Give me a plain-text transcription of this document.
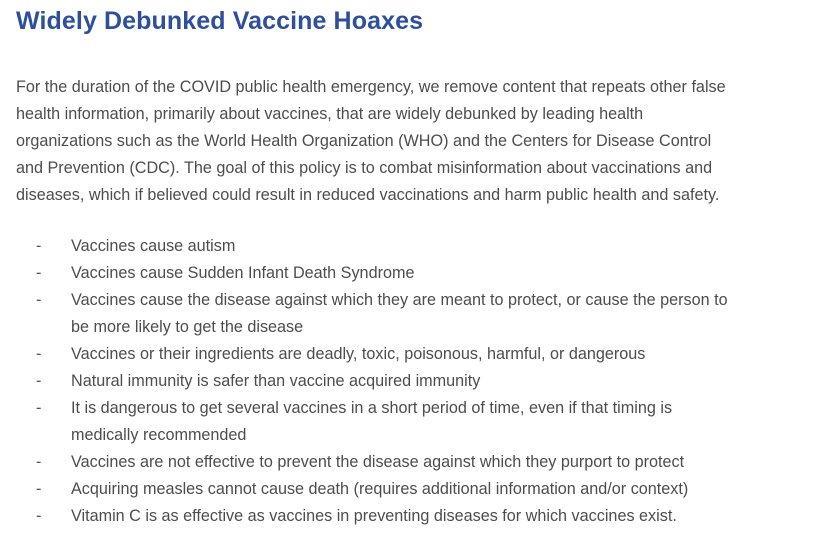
Widely Debunked Vaccine Hoaxes

For the duration of the COVID public health emergency, we remove content that repeats other false
health information, primarily about vaccines, that are widely debunked by leading health
organizations such as the World Health Organization (WHO) and the Centers for Disease Control
and Prevention (CDC). The goal of this policy is to combat misinformation about vaccinations and
diseases, which if believed could result in reduced vaccinations and harm public health and safety.

-	Vaccines cause autism
-	Vaccines cause Sudden Infant Death Syndrome
-	Vaccines cause the disease against which they are meant to protect, or cause the person to
be more likely to get the disease
-	Vaccines or their ingredients are deadly, toxic, poisonous, harmful, or dangerous
-	Natural immunity is safer than vaccine acquired immunity
-	It is dangerous to get several vaccines in a short period of time, even if that timing is
medically recommended
-	Vaccines are not effective to prevent the disease against which they purport to protect
-	Acquiring measles cannot cause death (requires additional information and/or context)
-	Vitamin C is as effective as vaccines in preventing diseases for which vaccines exist.
